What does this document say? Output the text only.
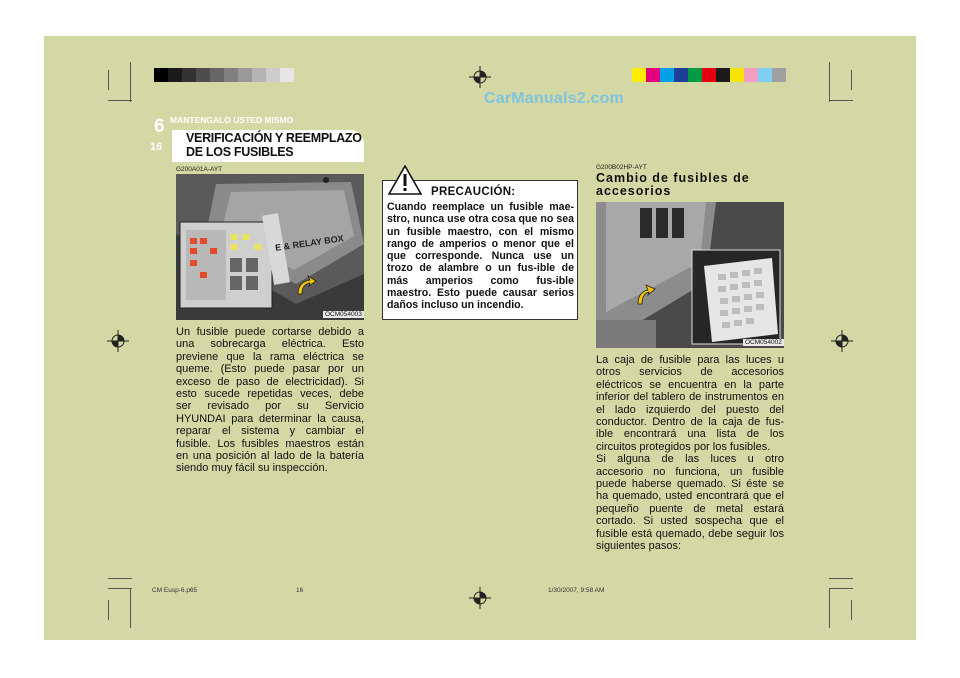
CarManuals2.com
6 MANTENGALO USTED MISMO
16
VERIFICACIÓN Y REEMPLAZO DE LOS FUSIBLES
G200A01A-AYT
E & RELAY BOX
OCM054003
Un fusible puede cortarse debido a una sobrecarga eléctrica. Esto previene que la rama eléctrica se queme. (Esto puede pasar por un exceso de paso de electricidad). Si esto sucede repetidas veces, debe ser revisado por su Servicio HYUNDAI para determinar la causa, reparar el sistema y cambiar el fusible. Los fusibles maestros están en una posición al lado de la batería siendo muy fácil su inspección.
PRECAUCIÓN:
Cuando reemplace un fusible mae-stro, nunca use otra cosa que no sea un fusible maestro, con el mismo rango de amperios o menor que el que corresponde. Nunca use un trozo de alambre o un fus-ible de más amperios como fus-ible maestro. Esto puede causar serios daños incluso un incendio.
G200B02HP-AYT
Cambio de fusibles de accesorios
OCM054002

La caja de fusible para las luces u otros servicios de accesorios eléctricos se encuentra en la parte inferior del tablero de instrumentos en el lado izquierdo del puesto del conductor. Dentro de la caja de fus-ible encontrará una lista de los circuitos protegidos por los fusibles.

Si alguna de las luces u otro accesorio no funciona, un fusible puede haberse quemado. Si éste se ha quemado, usted encontrará que el pequeño puente de metal estará cortado. Si usted sospecha que el fusible está quemado, debe seguir los siguientes pasos:

CM Eusp-6.p65	16	1/30/2007, 9:58 AM
